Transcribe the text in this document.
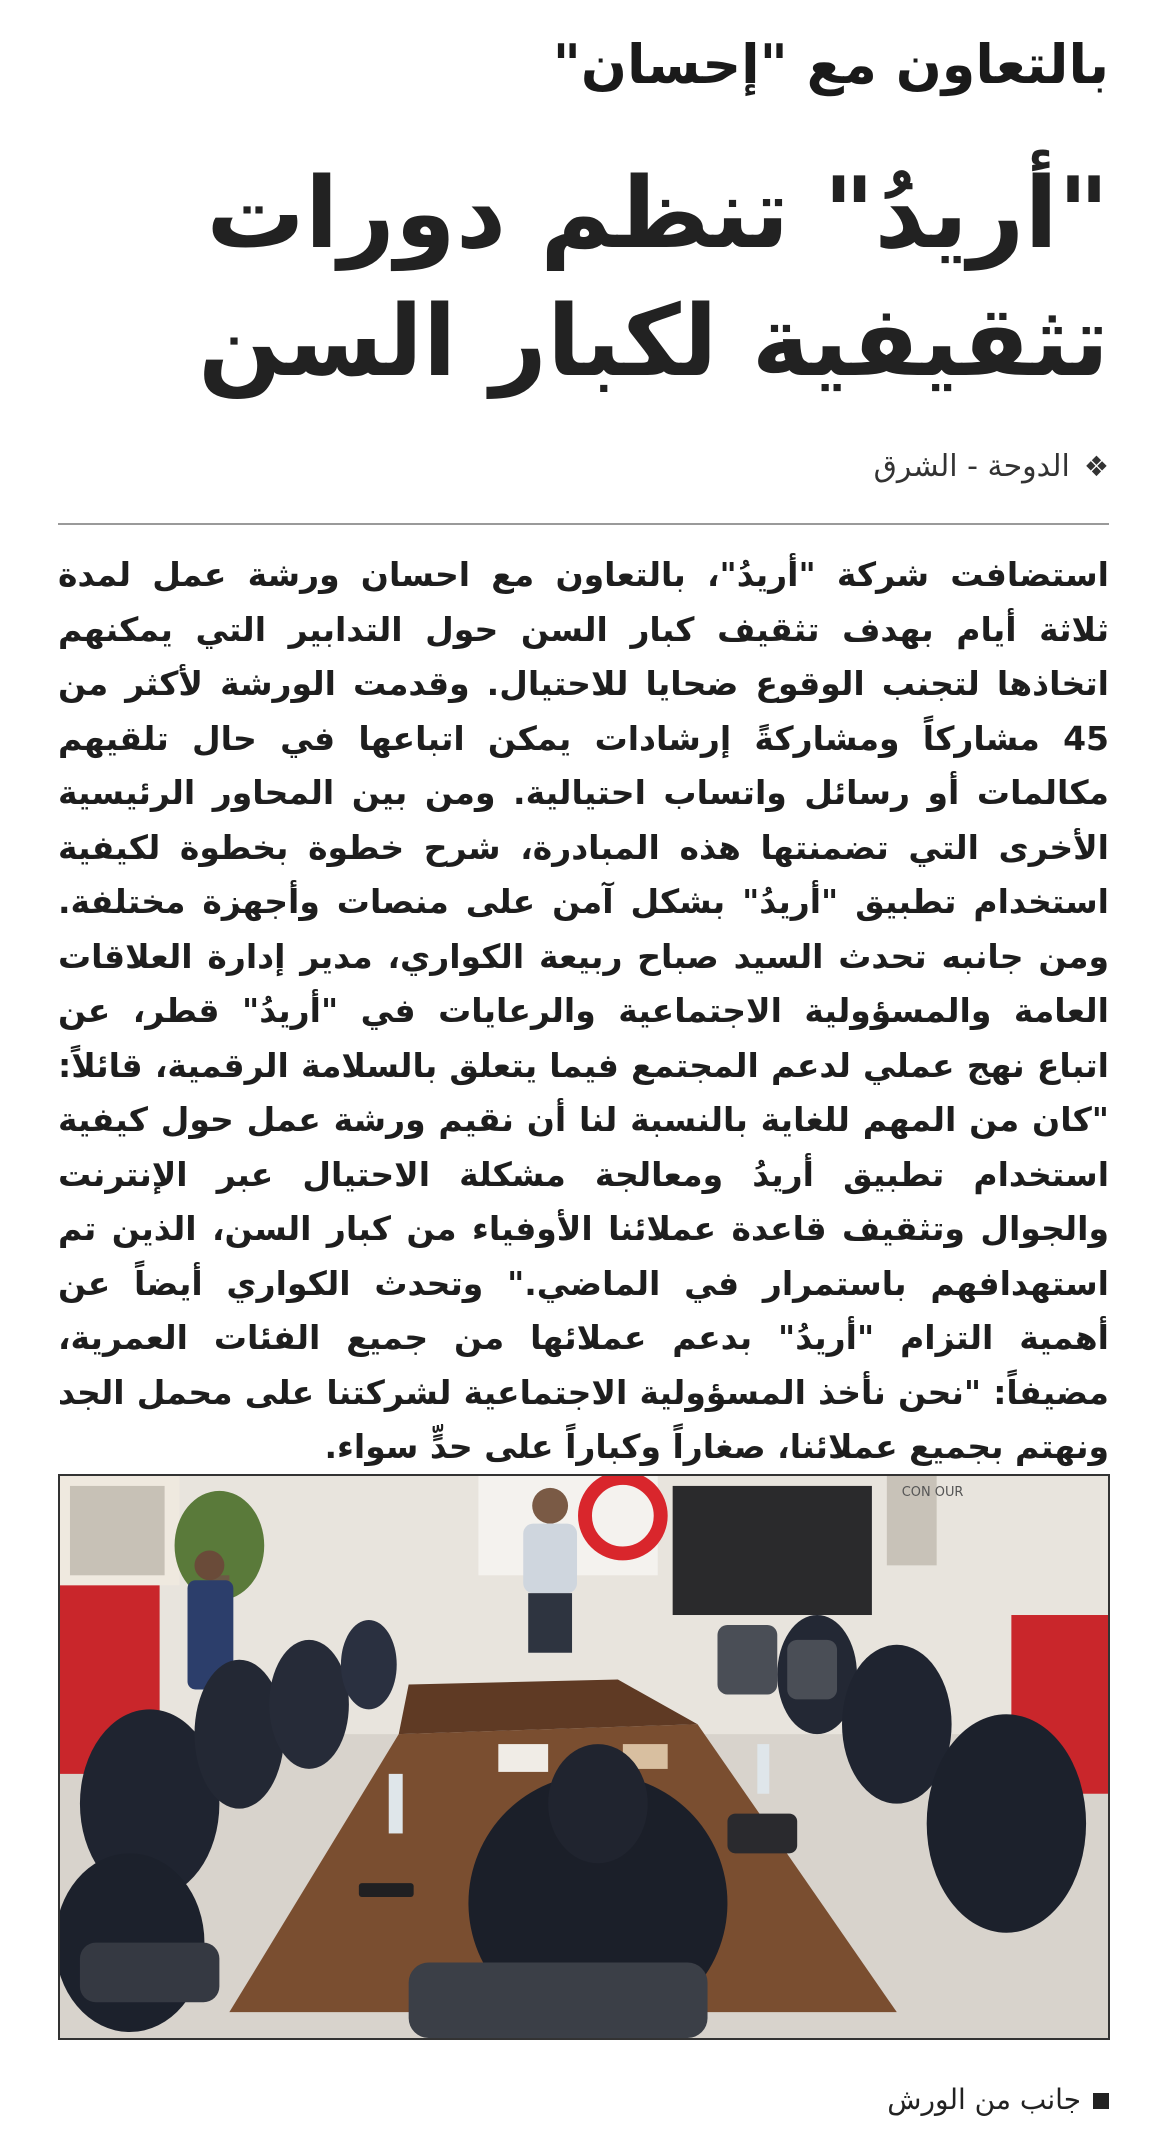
بالتعاون مع "إحسان"
"أريدُ" تنظم دورات تثقيفية لكبار السن
❖الدوحة - الشرق
استضافت شركة "أريدُ"، بالتعاون مع احسان ورشة عمل لمدة ثلاثة أيام بهدف تثقيف كبار السن حول التدابير التي يمكنهم اتخاذها لتجنب الوقوع ضحايا للاحتيال. وقدمت الورشة لأكثر من 45 مشاركاً ومشاركةً إرشادات يمكن اتباعها في حال تلقيهم مكالمات أو رسائل واتساب احتيالية. ومن بين المحاور الرئيسية الأخرى التي تضمنتها هذه المبادرة، شرح خطوة بخطوة لكيفية استخدام تطبيق "أريدُ" بشكل آمن على منصات وأجهزة مختلفة. ومن جانبه تحدث السيد صباح ربيعة الكواري، مدير إدارة العلاقات العامة والمسؤولية الاجتماعية والرعايات في "أريدُ" قطر، عن اتباع نهج عملي لدعم المجتمع فيما يتعلق بالسلامة الرقمية، قائلاً: "كان من المهم للغاية بالنسبة لنا أن نقيم ورشة عمل حول كيفية استخدام تطبيق أريدُ ومعالجة مشكلة الاحتيال عبر الإنترنت والجوال وتثقيف قاعدة عملائنا الأوفياء من كبار السن، الذين تم استهدافهم باستمرار في الماضي." وتحدث الكواري أيضاً عن أهمية التزام "أريدُ" بدعم عملائها من جميع الفئات العمرية، مضيفاً: "نحن نأخذ المسؤولية الاجتماعية لشركتنا على محمل الجد ونهتم بجميع عملائنا، صغاراً وكباراً على حدٍّ سواء.
CON OUR
جانب من الورش
